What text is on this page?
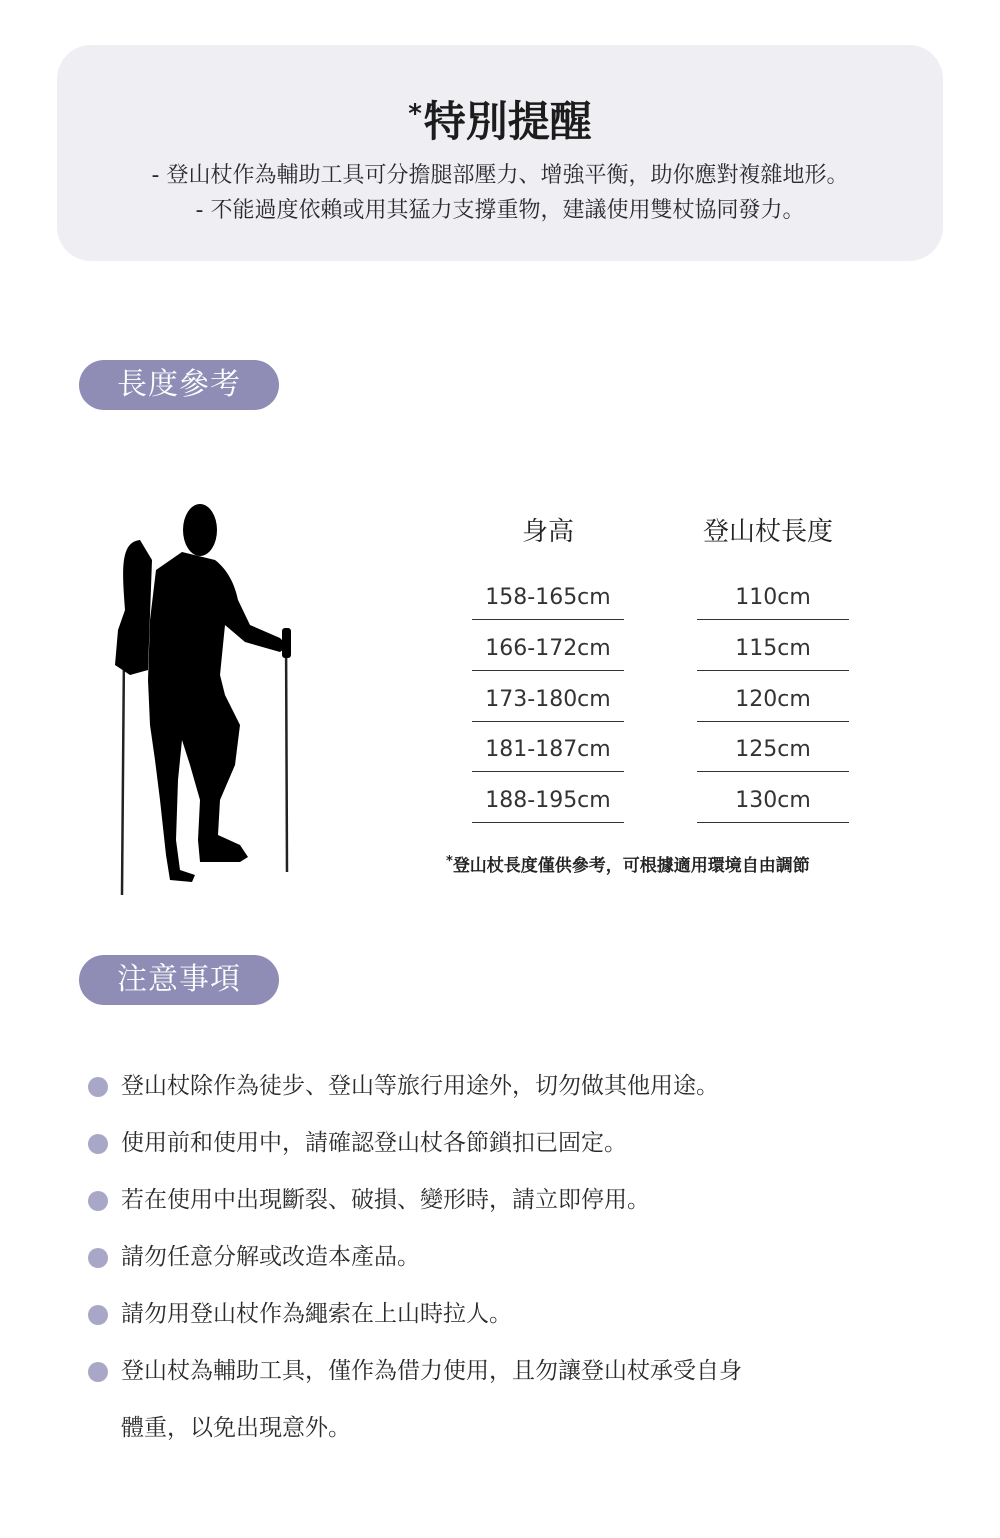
*特別提醒
- 登山杖作為輔助工具可分擔腿部壓力、增強平衡，助你應對複雜地形。
- 不能過度依賴或用其猛力支撐重物，建議使用雙杖協同發力。
長度參考
身高	登山杖長度
158-165cm	110cm
166-172cm	115cm
173-180cm	120cm
181-187cm	125cm
188-195cm	130cm
*登山杖長度僅供參考，可根據適用環境自由調節
注意事項
登山杖除作為徒步、登山等旅行用途外，切勿做其他用途。
使用前和使用中，請確認登山杖各節鎖扣已固定。
若在使用中出現斷裂、破損、變形時，請立即停用。
請勿任意分解或改造本產品。
請勿用登山杖作為繩索在上山時拉人。
登山杖為輔助工具，僅作為借力使用，且勿讓登山杖承受自身
體重，以免出現意外。
